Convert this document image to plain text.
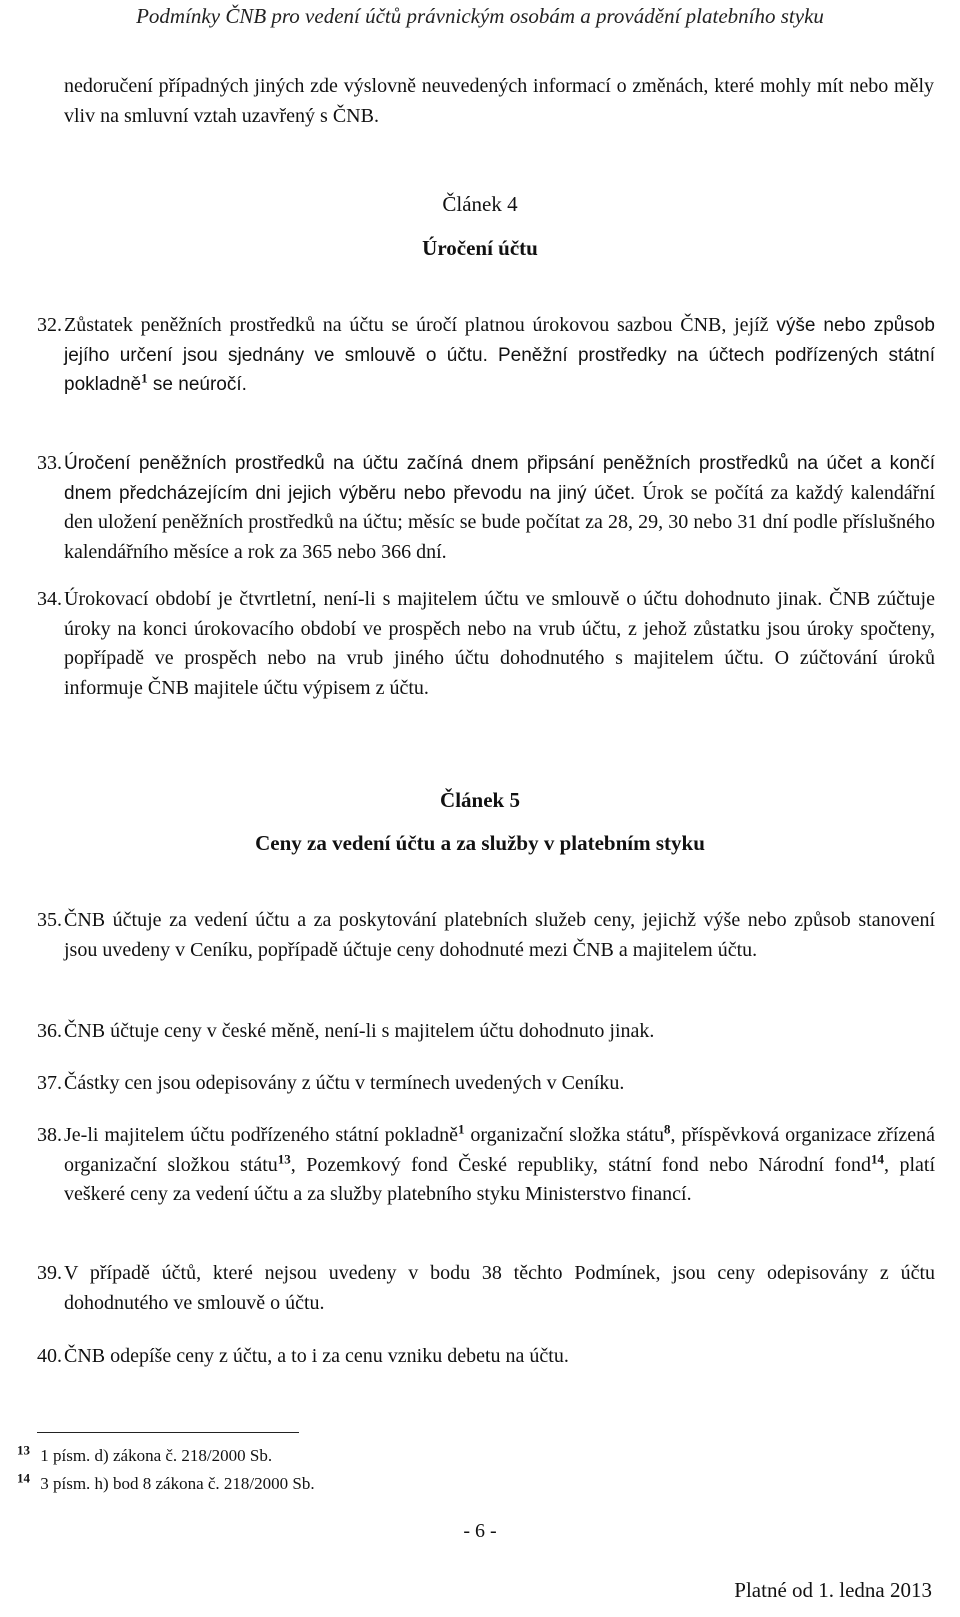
Podmínky ČNB pro vedení účtů právnickým osobám a provádění platebního styku
nedoručení případných jiných zde výslovně neuvedených informací o změnách, které mohly mít nebo měly vliv na smluvní vztah uzavřený s ČNB.
Článek 4
Úročení účtu
32. Zůstatek peněžních prostředků na účtu se úročí platnou úrokovou sazbou ČNB, jejíž výše nebo způsob jejího určení jsou sjednány ve smlouvě o účtu. Peněžní prostředky na účtech podřízených státní pokladně$^1$ se neúročí.
33. Úročení peněžních prostředků na účtu začíná dnem připsání peněžních prostředků na účet a končí dnem předcházejícím dni jejich výběru nebo převodu na jiný účet. Úrok se počítá za každý kalendářní den uložení peněžních prostředků na účtu; měsíc se bude počítat za 28, 29, 30 nebo 31 dní podle příslušného kalendářního měsíce a rok za 365 nebo 366 dní.
34. Úrokovací období je čtvrtletní, není-li s majitelem účtu ve smlouvě o účtu dohodnuto jinak. ČNB zúčtuje úroky na konci úrokovacího období ve prospěch nebo na vrub účtu, z jehož zůstatku jsou úroky spočteny, popřípadě ve prospěch nebo na vrub jiného účtu dohodnutého s majitelem účtu. O zúčtování úroků informuje ČNB majitele účtu výpisem z účtu.
Článek 5
Ceny za vedení účtu a za služby v platebním styku
35. ČNB účtuje za vedení účtu a za poskytování platebních služeb ceny, jejichž výše nebo způsob stanovení jsou uvedeny v Ceníku, popřípadě účtuje ceny dohodnuté mezi ČNB a majitelem účtu.
36. ČNB účtuje ceny v české měně, není-li s majitelem účtu dohodnuto jinak.
37. Částky cen jsou odepisovány z účtu v termínech uvedených v Ceníku.
38. Je-li majitelem účtu podřízeného státní pokladně$^1$ organizační složka státu$^8$, příspěvková organizace zřízená organizační složkou státu$^{13}$, Pozemkový fond České republiky, státní fond nebo Národní fond$^{14}$, platí veškeré ceny za vedení účtu a za služby platebního styku Ministerstvo financí.
39. V případě účtů, které nejsou uvedeny v bodu 38 těchto Podmínek, jsou ceny odepisovány z účtu dohodnutého ve smlouvě o účtu.
40. ČNB odepíše ceny z účtu, a to i za cenu vzniku debetu na účtu.
$^{13}$ 1 písm. d) zákona č. 218/2000 Sb.
$^{14}$ 3 písm. h) bod 8 zákona č. 218/2000 Sb.
- 6 -
Platné od 1. ledna 2013
